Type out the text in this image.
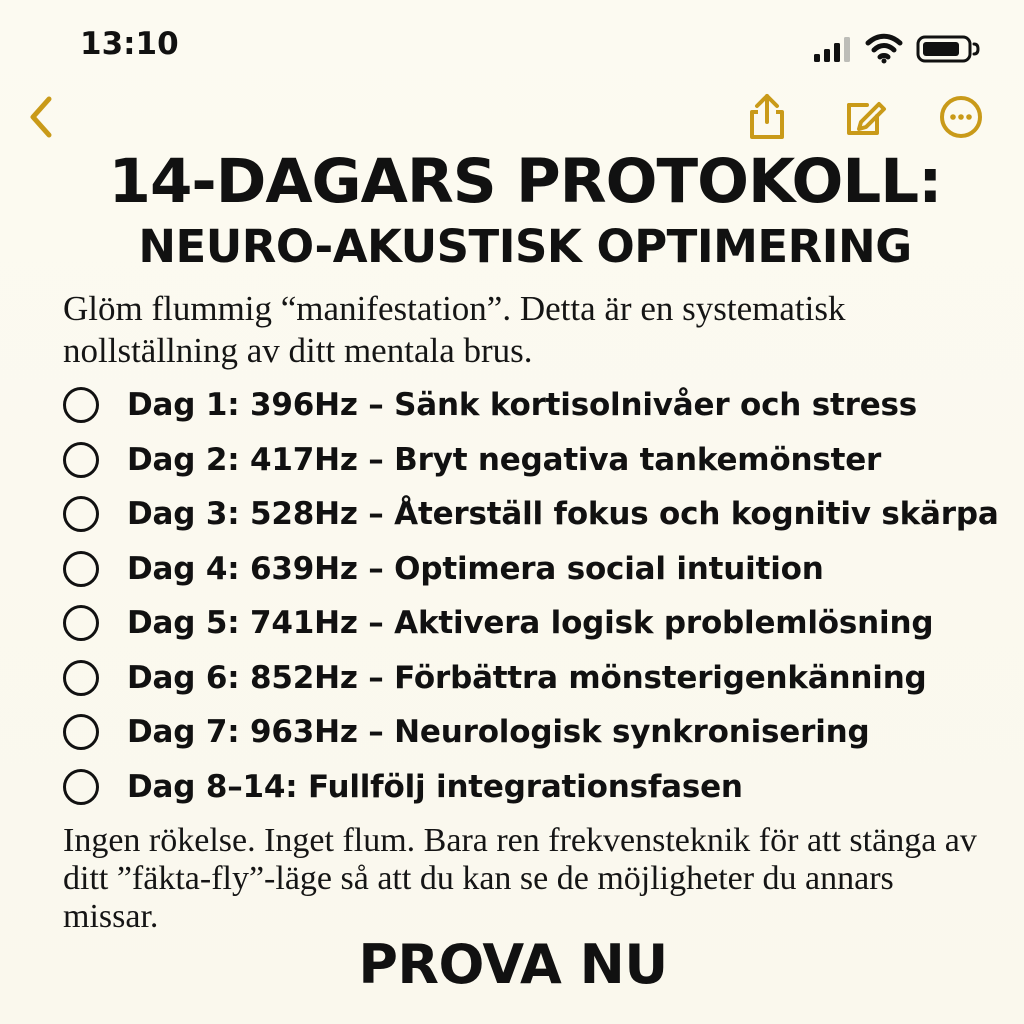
13:10
14-DAGARS PROTOKOLL:
NEURO-AKUSTISK OPTIMERING
Glöm flummig “manifestation”. Detta är en systematisk nollställning av ditt mentala brus.
Dag 1: 396Hz – Sänk kortisolnivåer och stress
Dag 2: 417Hz – Bryt negativa tankemönster
Dag 3: 528Hz – Återställ fokus och kognitiv skärpa
Dag 4: 639Hz – Optimera social intuition
Dag 5: 741Hz – Aktivera logisk problemlösning
Dag 6: 852Hz – Förbättra mönsterigenkänning
Dag 7: 963Hz – Neurologisk synkronisering
Dag 8–14: Fullfölj integrationsfasen
Ingen rökelse. Inget flum. Bara ren frekvensteknik för att stänga av ditt ”fäkta-fly”-läge så att du kan se de möjligheter du annars missar.
PROVA NU
